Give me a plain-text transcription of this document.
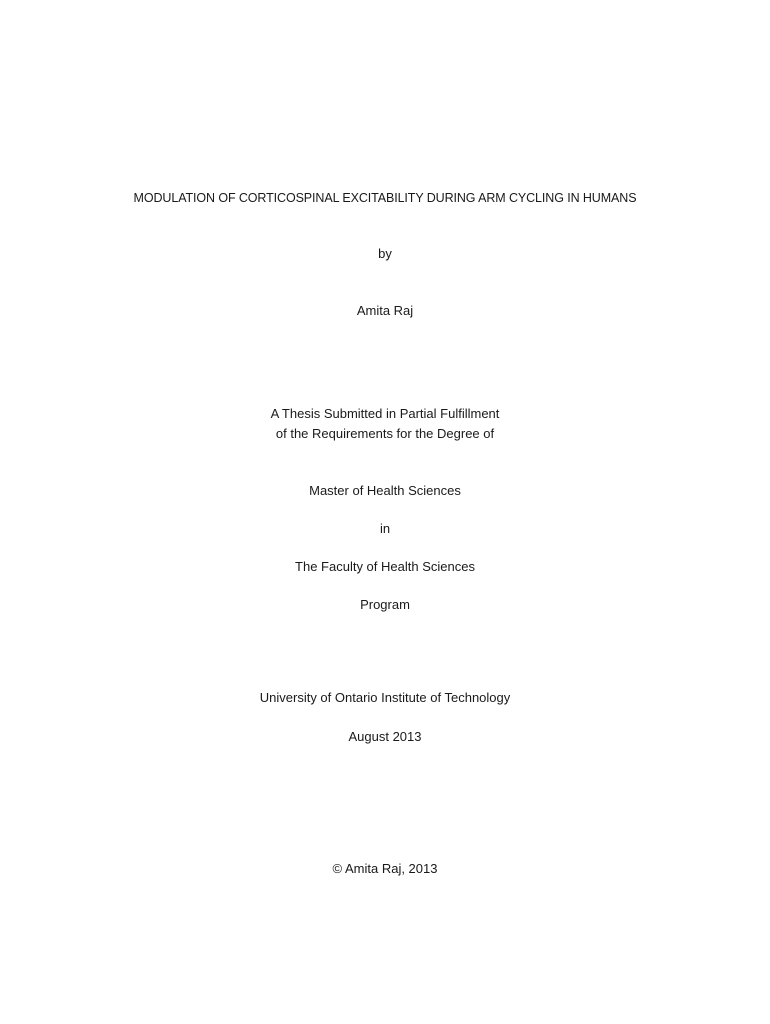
MODULATION OF CORTICOSPINAL EXCITABILITY DURING ARM CYCLING IN HUMANS
by
Amita Raj
A Thesis Submitted in Partial Fulfillment
of the Requirements for the Degree of
Master of Health Sciences
in
The Faculty of Health Sciences
Program
University of Ontario Institute of Technology
August 2013
© Amita Raj, 2013
